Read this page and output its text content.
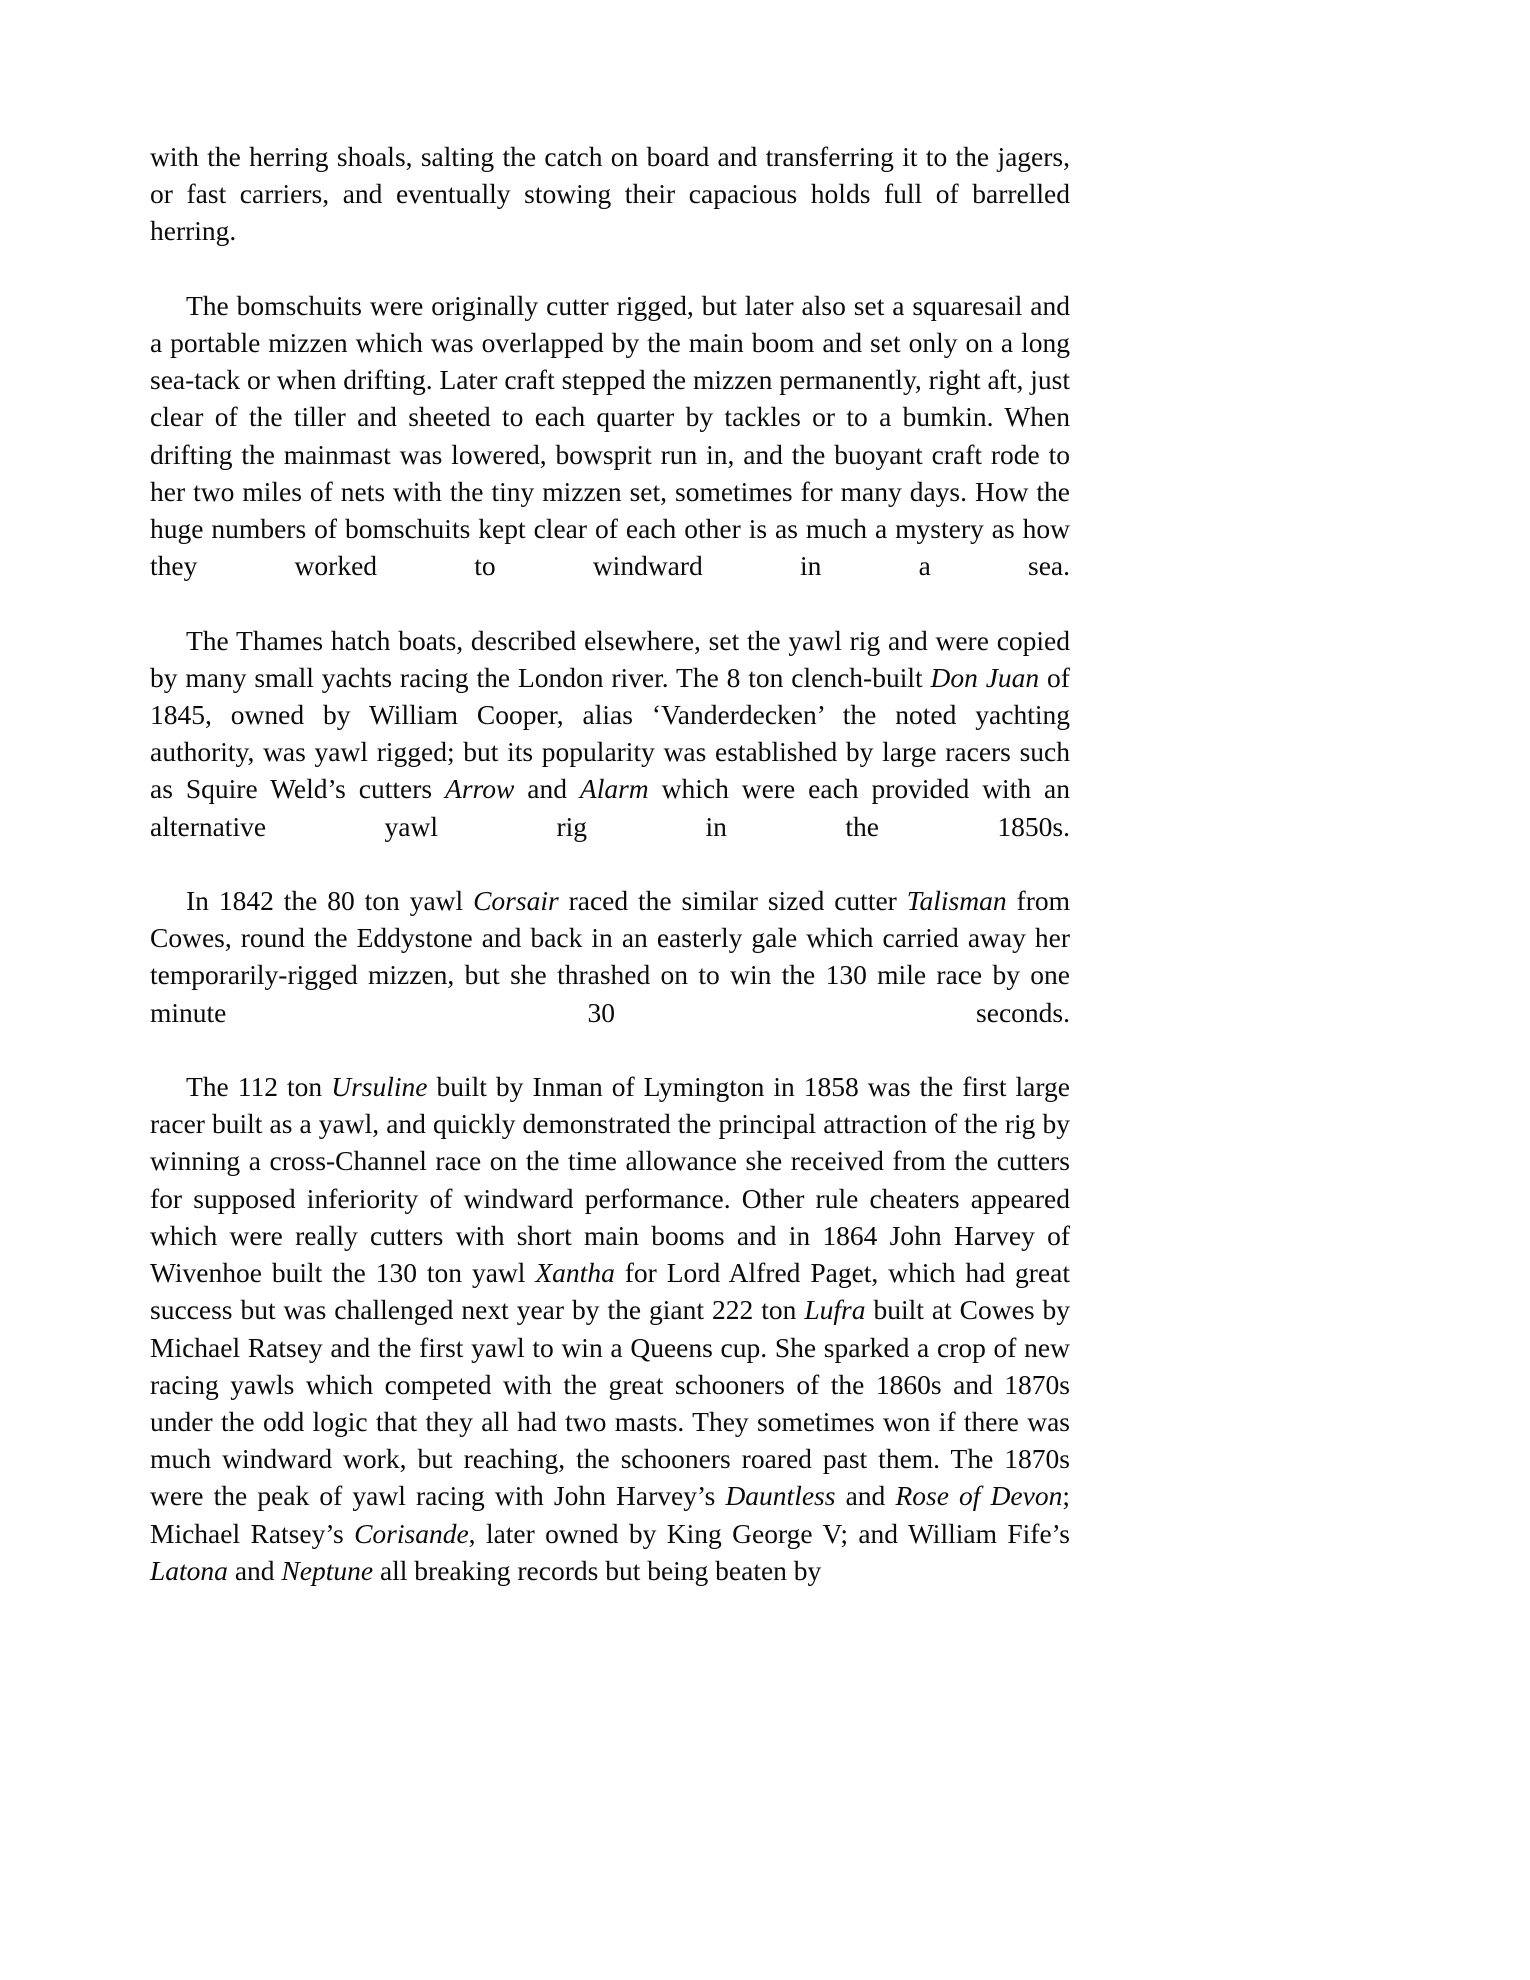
with the herring shoals, salting the catch on board and transferring it to the jagers, or fast carriers, and eventually stowing their capacious holds full of barrelled herring.

The bomschuits were originally cutter rigged, but later also set a squaresail and a portable mizzen which was overlapped by the main boom and set only on a long sea-tack or when drifting. Later craft stepped the mizzen permanently, right aft, just clear of the tiller and sheeted to each quarter by tackles or to a bumkin. When drifting the mainmast was lowered, bowsprit run in, and the buoyant craft rode to her two miles of nets with the tiny mizzen set, sometimes for many days. How the huge numbers of bomschuits kept clear of each other is as much a mystery as how they worked to windward in a sea.

The Thames hatch boats, described elsewhere, set the yawl rig and were copied by many small yachts racing the London river. The 8 ton clench-built Don Juan of 1845, owned by William Cooper, alias ‘Vanderdecken’ the noted yachting authority, was yawl rigged; but its popularity was established by large racers such as Squire Weld’s cutters Arrow and Alarm which were each provided with an alternative yawl rig in the 1850s.

In 1842 the 80 ton yawl Corsair raced the similar sized cutter Talisman from Cowes, round the Eddystone and back in an easterly gale which carried away her temporarily-rigged mizzen, but she thrashed on to win the 130 mile race by one minute 30 seconds.

The 112 ton Ursuline built by Inman of Lymington in 1858 was the first large racer built as a yawl, and quickly demonstrated the principal attraction of the rig by winning a cross-Channel race on the time allowance she received from the cutters for supposed inferiority of windward performance. Other rule cheaters appeared which were really cutters with short main booms and in 1864 John Harvey of Wivenhoe built the 130 ton yawl Xantha for Lord Alfred Paget, which had great success but was challenged next year by the giant 222 ton Lufra built at Cowes by Michael Ratsey and the first yawl to win a Queens cup. She sparked a crop of new racing yawls which competed with the great schooners of the 1860s and 1870s under the odd logic that they all had two masts. They sometimes won if there was much windward work, but reaching, the schooners roared past them. The 1870s were the peak of yawl racing with John Harvey’s Dauntless and Rose of Devon; Michael Ratsey’s Corisande, later owned by King George V; and William Fife’s Latona and Neptune all breaking records but being beaten by
